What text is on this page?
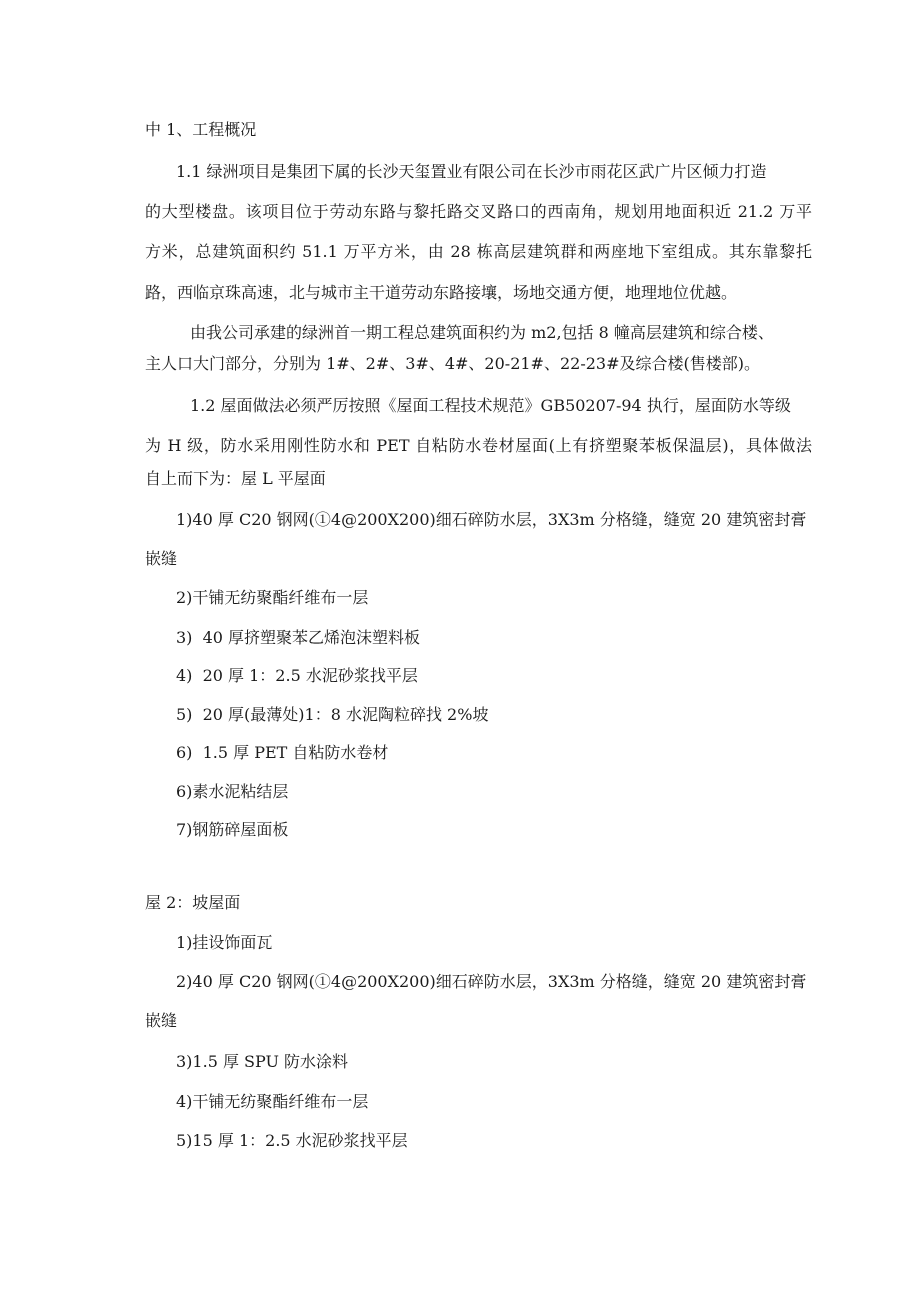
中 1、工程概况
1.1 绿洲项目是集团下属的长沙天玺置业有限公司在长沙市雨花区武广片区倾力打造
的大型楼盘。该项目位于劳动东路与黎托路交叉路口的西南角，规划用地面积近 21.2 万平
方米，总建筑面积约 51.1 万平方米，由 28 栋高层建筑群和两座地下室组成。其东靠黎托
路，西临京珠高速，北与城市主干道劳动东路接壤，场地交通方便，地理地位优越。
由我公司承建的绿洲首一期工程总建筑面积约为 m2,包括 8 幢高层建筑和综合楼、
主人口大门部分，分别为 1#、2#、3#、4#、20-21#、22-23#及综合楼(售楼部)。
1.2 屋面做法必须严厉按照《屋面工程技术规范》GB50207-94 执行，屋面防水等级
为 H 级，防水采用刚性防水和 PET 自粘防水卷材屋面(上有挤塑聚苯板保温层)，具体做法
自上而下为：屋 L 平屋面
1)40 厚 C20 钢网(①4@200X200)细石碎防水层，3X3m 分格缝，缝宽 20 建筑密封膏
嵌缝
2)干铺无纺聚酯纤维布一层
3)  40 厚挤塑聚苯乙烯泡沫塑料板
4)  20 厚 1：2.5 水泥砂浆找平层
5)  20 厚(最薄处)1：8 水泥陶粒碎找 2%坡
6)  1.5 厚 PET 自粘防水卷材
6)素水泥粘结层
7)钢筋碎屋面板
屋 2：坡屋面
1)挂设饰面瓦
2)40 厚 C20 钢网(①4@200X200)细石碎防水层，3X3m 分格缝，缝宽 20 建筑密封膏
嵌缝
3)1.5 厚 SPU 防水涂料
4)干铺无纺聚酯纤维布一层
5)15 厚 1：2.5 水泥砂浆找平层
